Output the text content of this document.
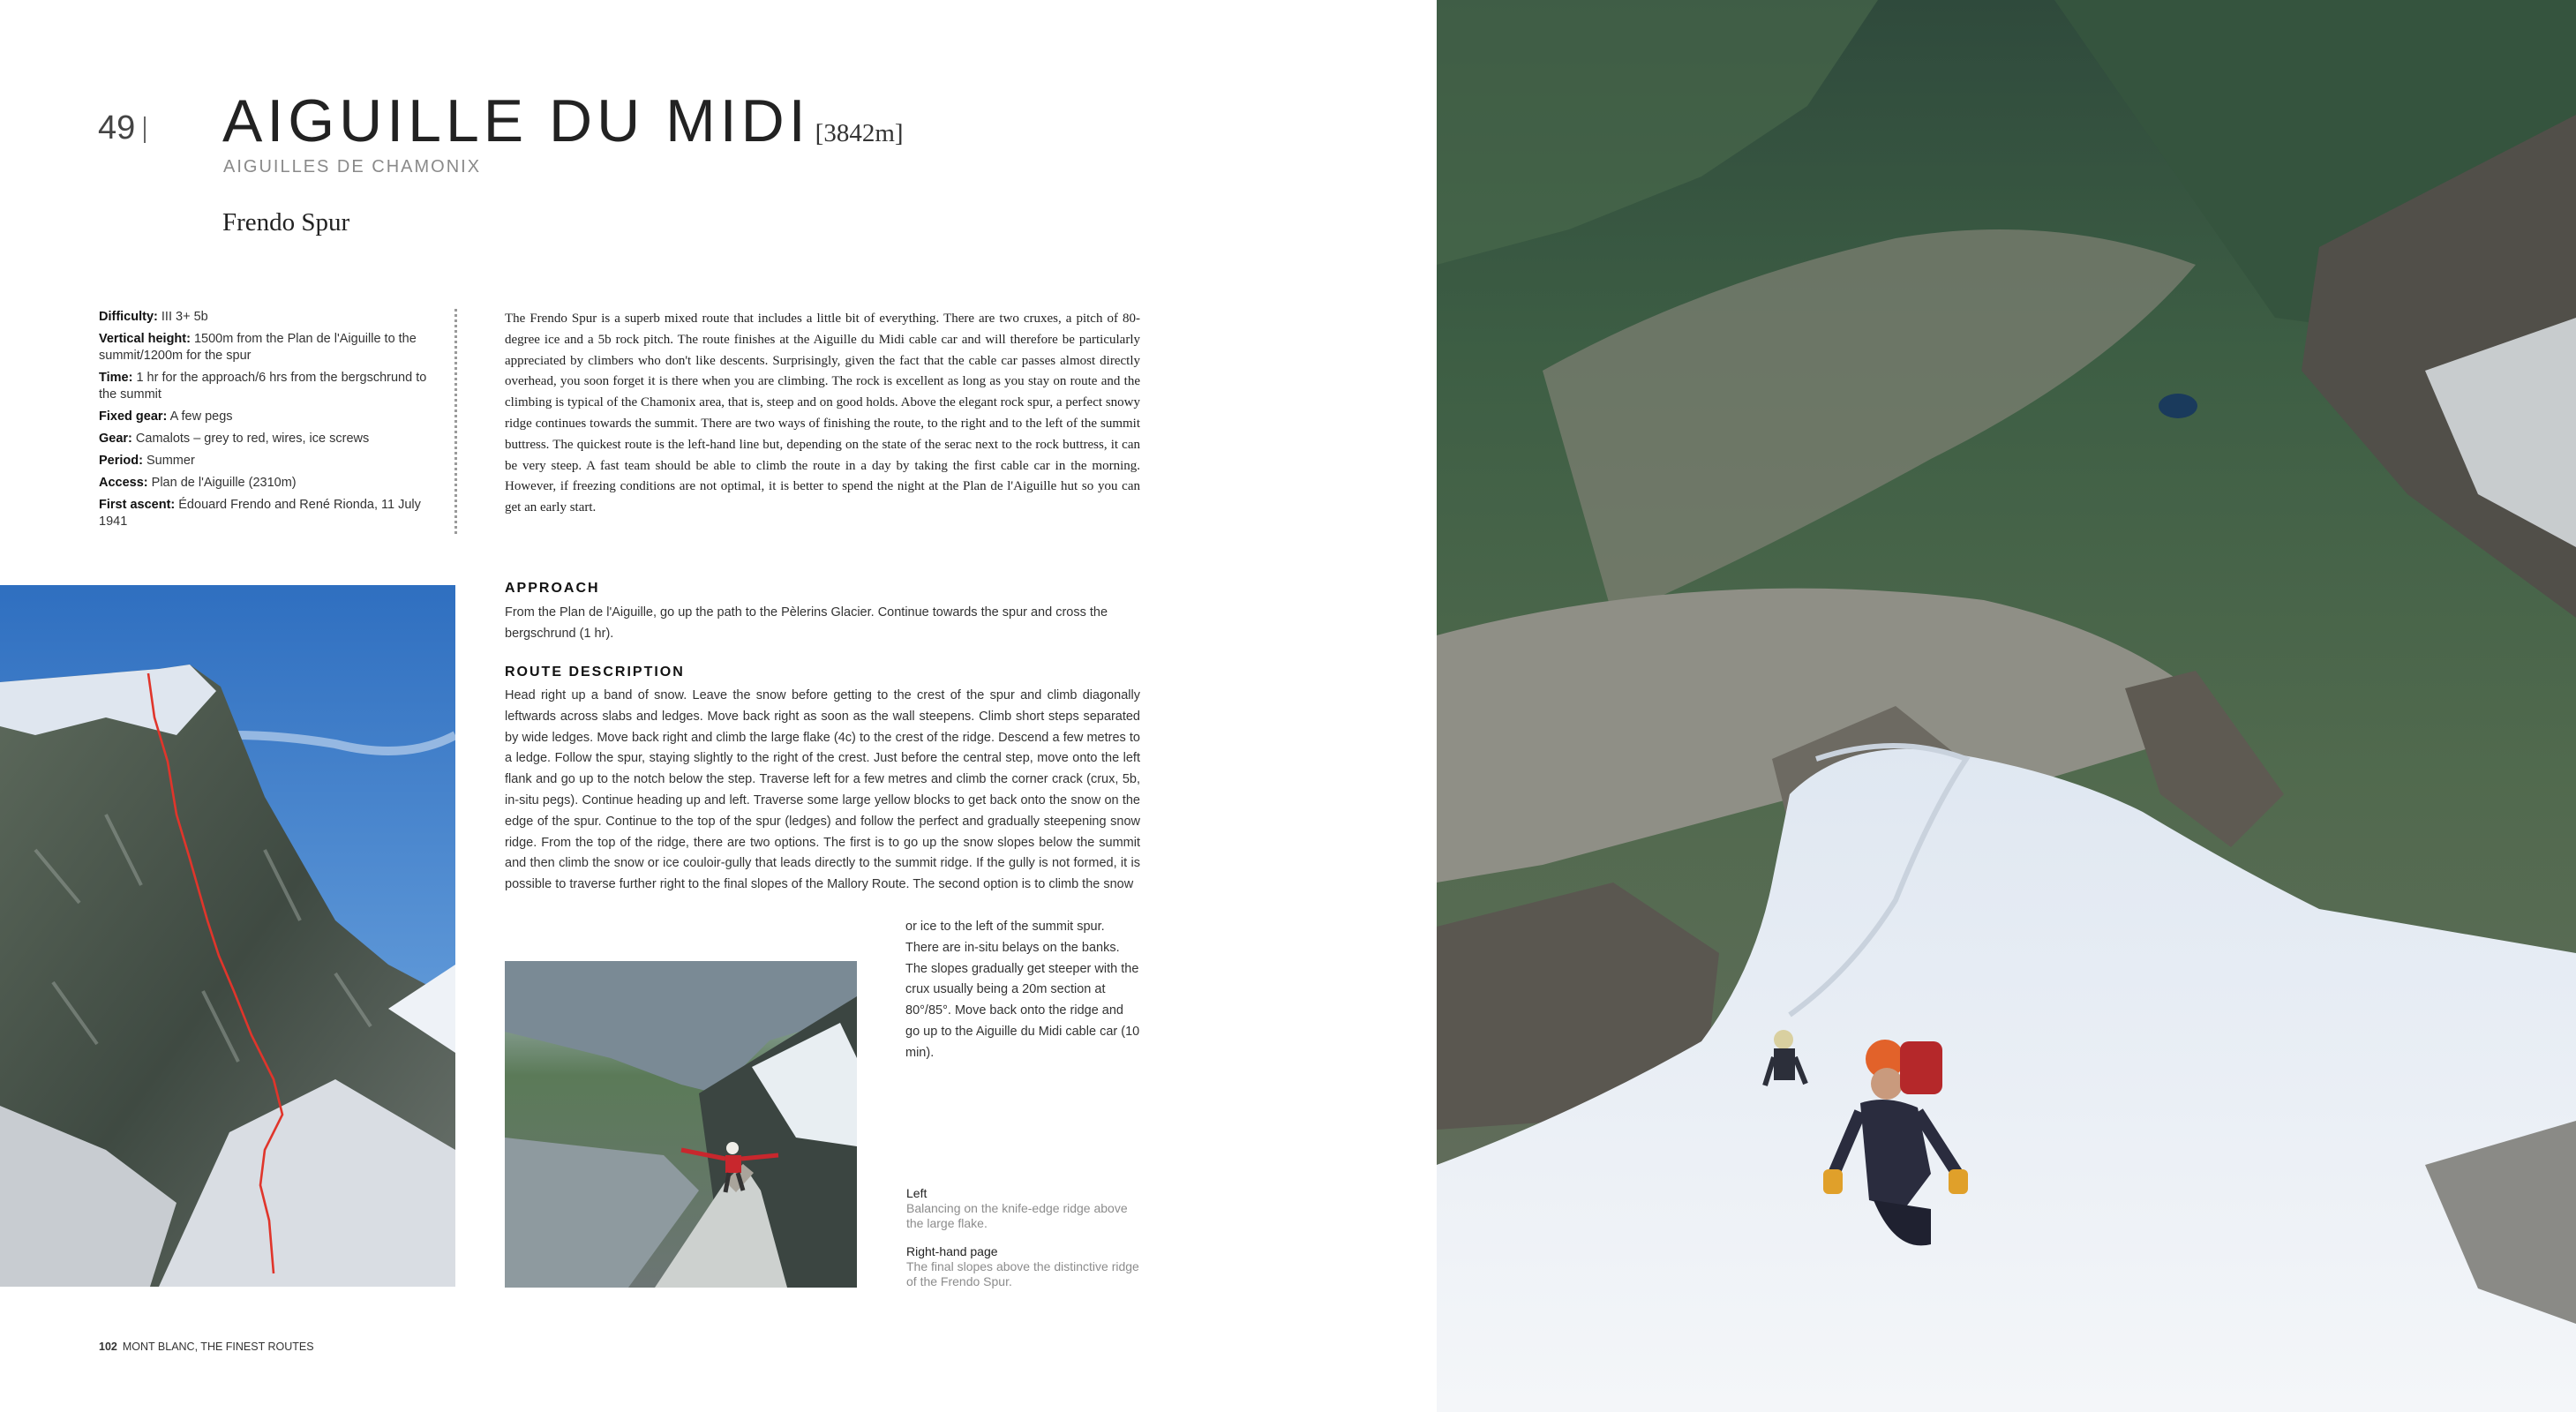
49 AIGUILLE DU MIDI [3842m]
AIGUILLES DE CHAMONIX
Frendo Spur
Difficulty: III 3+ 5b
Vertical height: 1500m from the Plan de l'Aiguille to the summit/1200m for the spur
Time: 1 hr for the approach/6 hrs from the bergschrund to the summit
Fixed gear: A few pegs
Gear: Camalots – grey to red, wires, ice screws
Period: Summer
Access: Plan de l'Aiguille (2310m)
First ascent: Édouard Frendo and René Rionda, 11 July 1941
The Frendo Spur is a superb mixed route that includes a little bit of everything. There are two cruxes, a pitch of 80-degree ice and a 5b rock pitch. The route finishes at the Aiguille du Midi cable car and will therefore be particularly appreciated by climbers who don't like descents. Surprisingly, given the fact that the cable car passes almost directly overhead, you soon forget it is there when you are climbing. The rock is excellent as long as you stay on route and the climbing is typical of the Chamonix area, that is, steep and on good holds. Above the elegant rock spur, a perfect snowy ridge continues towards the summit. There are two ways of finishing the route, to the right and to the left of the summit buttress. The quickest route is the left-hand line but, depending on the state of the serac next to the rock buttress, it can be very steep. A fast team should be able to climb the route in a day by taking the first cable car in the morning. However, if freezing conditions are not optimal, it is better to spend the night at the Plan de l'Aiguille hut so you can get an early start.
APPROACH
From the Plan de l'Aiguille, go up the path to the Pèlerins Glacier. Continue towards the spur and cross the bergschrund (1 hr).
ROUTE DESCRIPTION
Head right up a band of snow. Leave the snow before getting to the crest of the spur and climb diagonally leftwards across slabs and ledges. Move back right as soon as the wall steepens. Climb short steps separated by wide ledges. Move back right and climb the large flake (4c) to the crest of the ridge. Descend a few metres to a ledge. Follow the spur, staying slightly to the right of the crest. Just before the central step, move onto the left flank and go up to the notch below the step. Traverse left for a few metres and climb the corner crack (crux, 5b, in-situ pegs). Continue heading up and left. Traverse some large yellow blocks to get back onto the snow on the edge of the spur. Continue to the top of the spur (ledges) and follow the perfect and gradually steepening snow ridge. From the top of the ridge, there are two options. The first is to go up the snow slopes below the summit and then climb the snow or ice couloir-gully that leads directly to the summit ridge. If the gully is not formed, it is possible to traverse further right to the final slopes of the Mallory Route. The second option is to climb the snow
or ice to the left of the summit spur. There are in-situ belays on the banks. The slopes gradually get steeper with the crux usually being a 20m section at 80°/85°. Move back onto the ridge and go up to the Aiguille du Midi cable car (10 min).
Left
Balancing on the knife-edge ridge above the large flake.
Right-hand page
The final slopes above the distinctive ridge of the Frendo Spur.
102 MONT BLANC, THE FINEST ROUTES
